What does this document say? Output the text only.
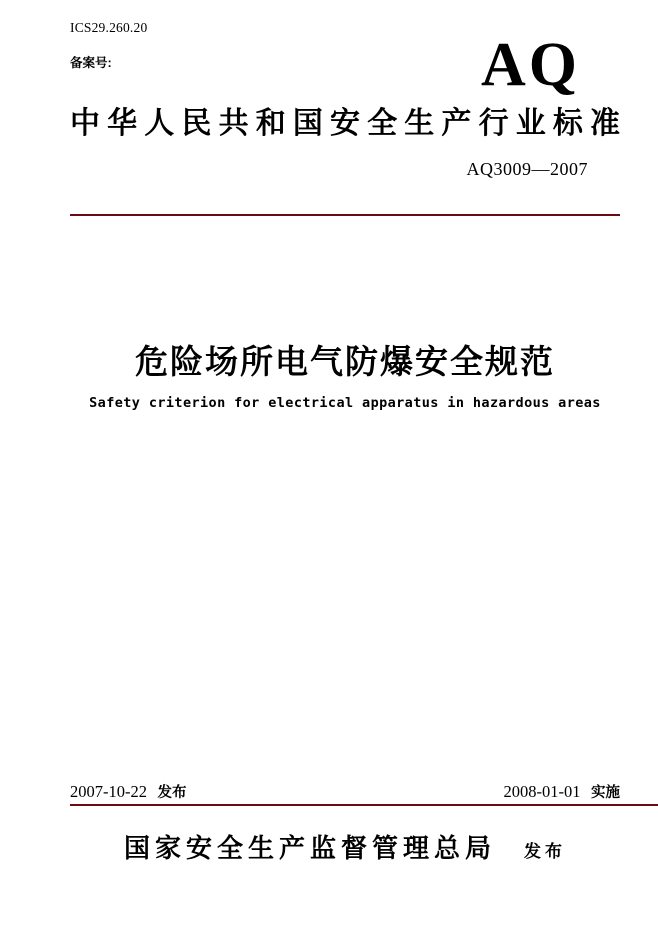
ICS29.260.20
备案号:	AQ
中华人民共和国安全生产行业标准
AQ3009—2007
危险场所电气防爆安全规范
Safety criterion for electrical apparatus in hazardous areas
2007-10-22 发布	2008-01-01 实施
国家安全生产监督管理总局 发布
